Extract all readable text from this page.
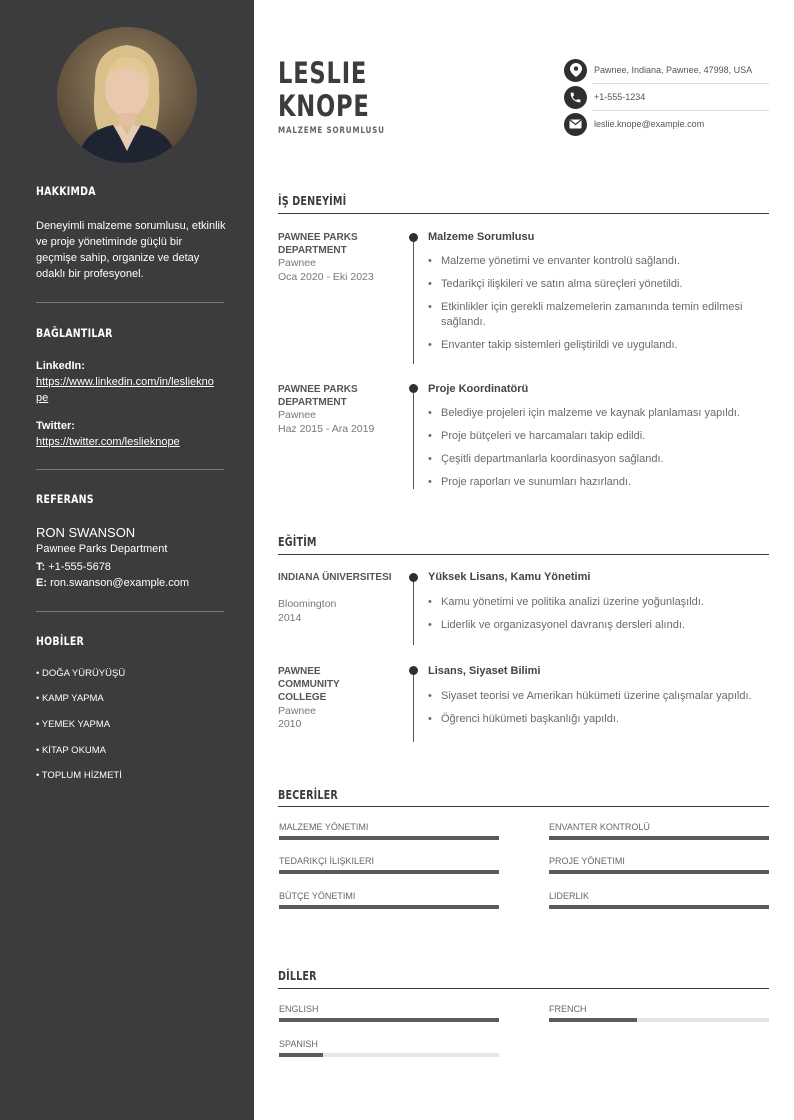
HAKKIMDA
Deneyimli malzeme sorumlusu, etkinlik ve proje yönetiminde güçlü bir geçmişe sahip, organize ve detay odaklı bir profesyonel.
BAĞLANTILAR
LinkedIn:
https://www.linkedin.com/in/leslieknope
Twitter:
https://twitter.com/leslieknope
REFERANS
RON SWANSON
Pawnee Parks Department
T: +1-555-5678
E: ron.swanson@example.com
HOBİLER
• DOĞA YÜRÜYÜŞÜ
• KAMP YAPMA
• YEMEK YAPMA
• KİTAP OKUMA
• TOPLUM HİZMETİ
LESLIE
KNOPE
MALZEME SORUMLUSU
Pawnee, Indiana, Pawnee, 47998, USA
+1-555-1234
leslie.knope@example.com
İŞ DENEYİMİ
PAWNEE PARKS DEPARTMENT
Pawnee
Oca 2020 - Eki 2023
Malzeme Sorumlusu
• Malzeme yönetimi ve envanter kontrolü sağlandı.
• Tedarikçi ilişkileri ve satın alma süreçleri yönetildi.
• Etkinlikler için gerekli malzemelerin zamanında temin edilmesi sağlandı.
• Envanter takip sistemleri geliştirildi ve uygulandı.
PAWNEE PARKS DEPARTMENT
Pawnee
Haz 2015 - Ara 2019
Proje Koordinatörü
• Belediye projeleri için malzeme ve kaynak planlaması yapıldı.
• Proje bütçeleri ve harcamaları takip edildi.
• Çeşitli departmanlarla koordinasyon sağlandı.
• Proje raporları ve sunumları hazırlandı.
EĞİTİM
INDIANA ÜNIVERSITESI
Bloomington
2014
Yüksek Lisans, Kamu Yönetimi
• Kamu yönetimi ve politika analizi üzerine yoğunlaşıldı.
• Liderlik ve organizasyonel davranış dersleri alındı.
PAWNEE COMMUNITY COLLEGE
Pawnee
2010
Lisans, Siyaset Bilimi
• Siyaset teorisi ve Amerikan hükümeti üzerine çalışmalar yapıldı.
• Öğrenci hükümeti başkanlığı yapıldı.
BECERİLER
MALZEME YÖNETIMI	ENVANTER KONTROLÜ
TEDARIKÇI İLIŞKILERI	PROJE YÖNETIMI
BÜTÇE YÖNETIMI	LIDERLIK
DİLLER
ENGLISH	FRENCH
SPANISH
